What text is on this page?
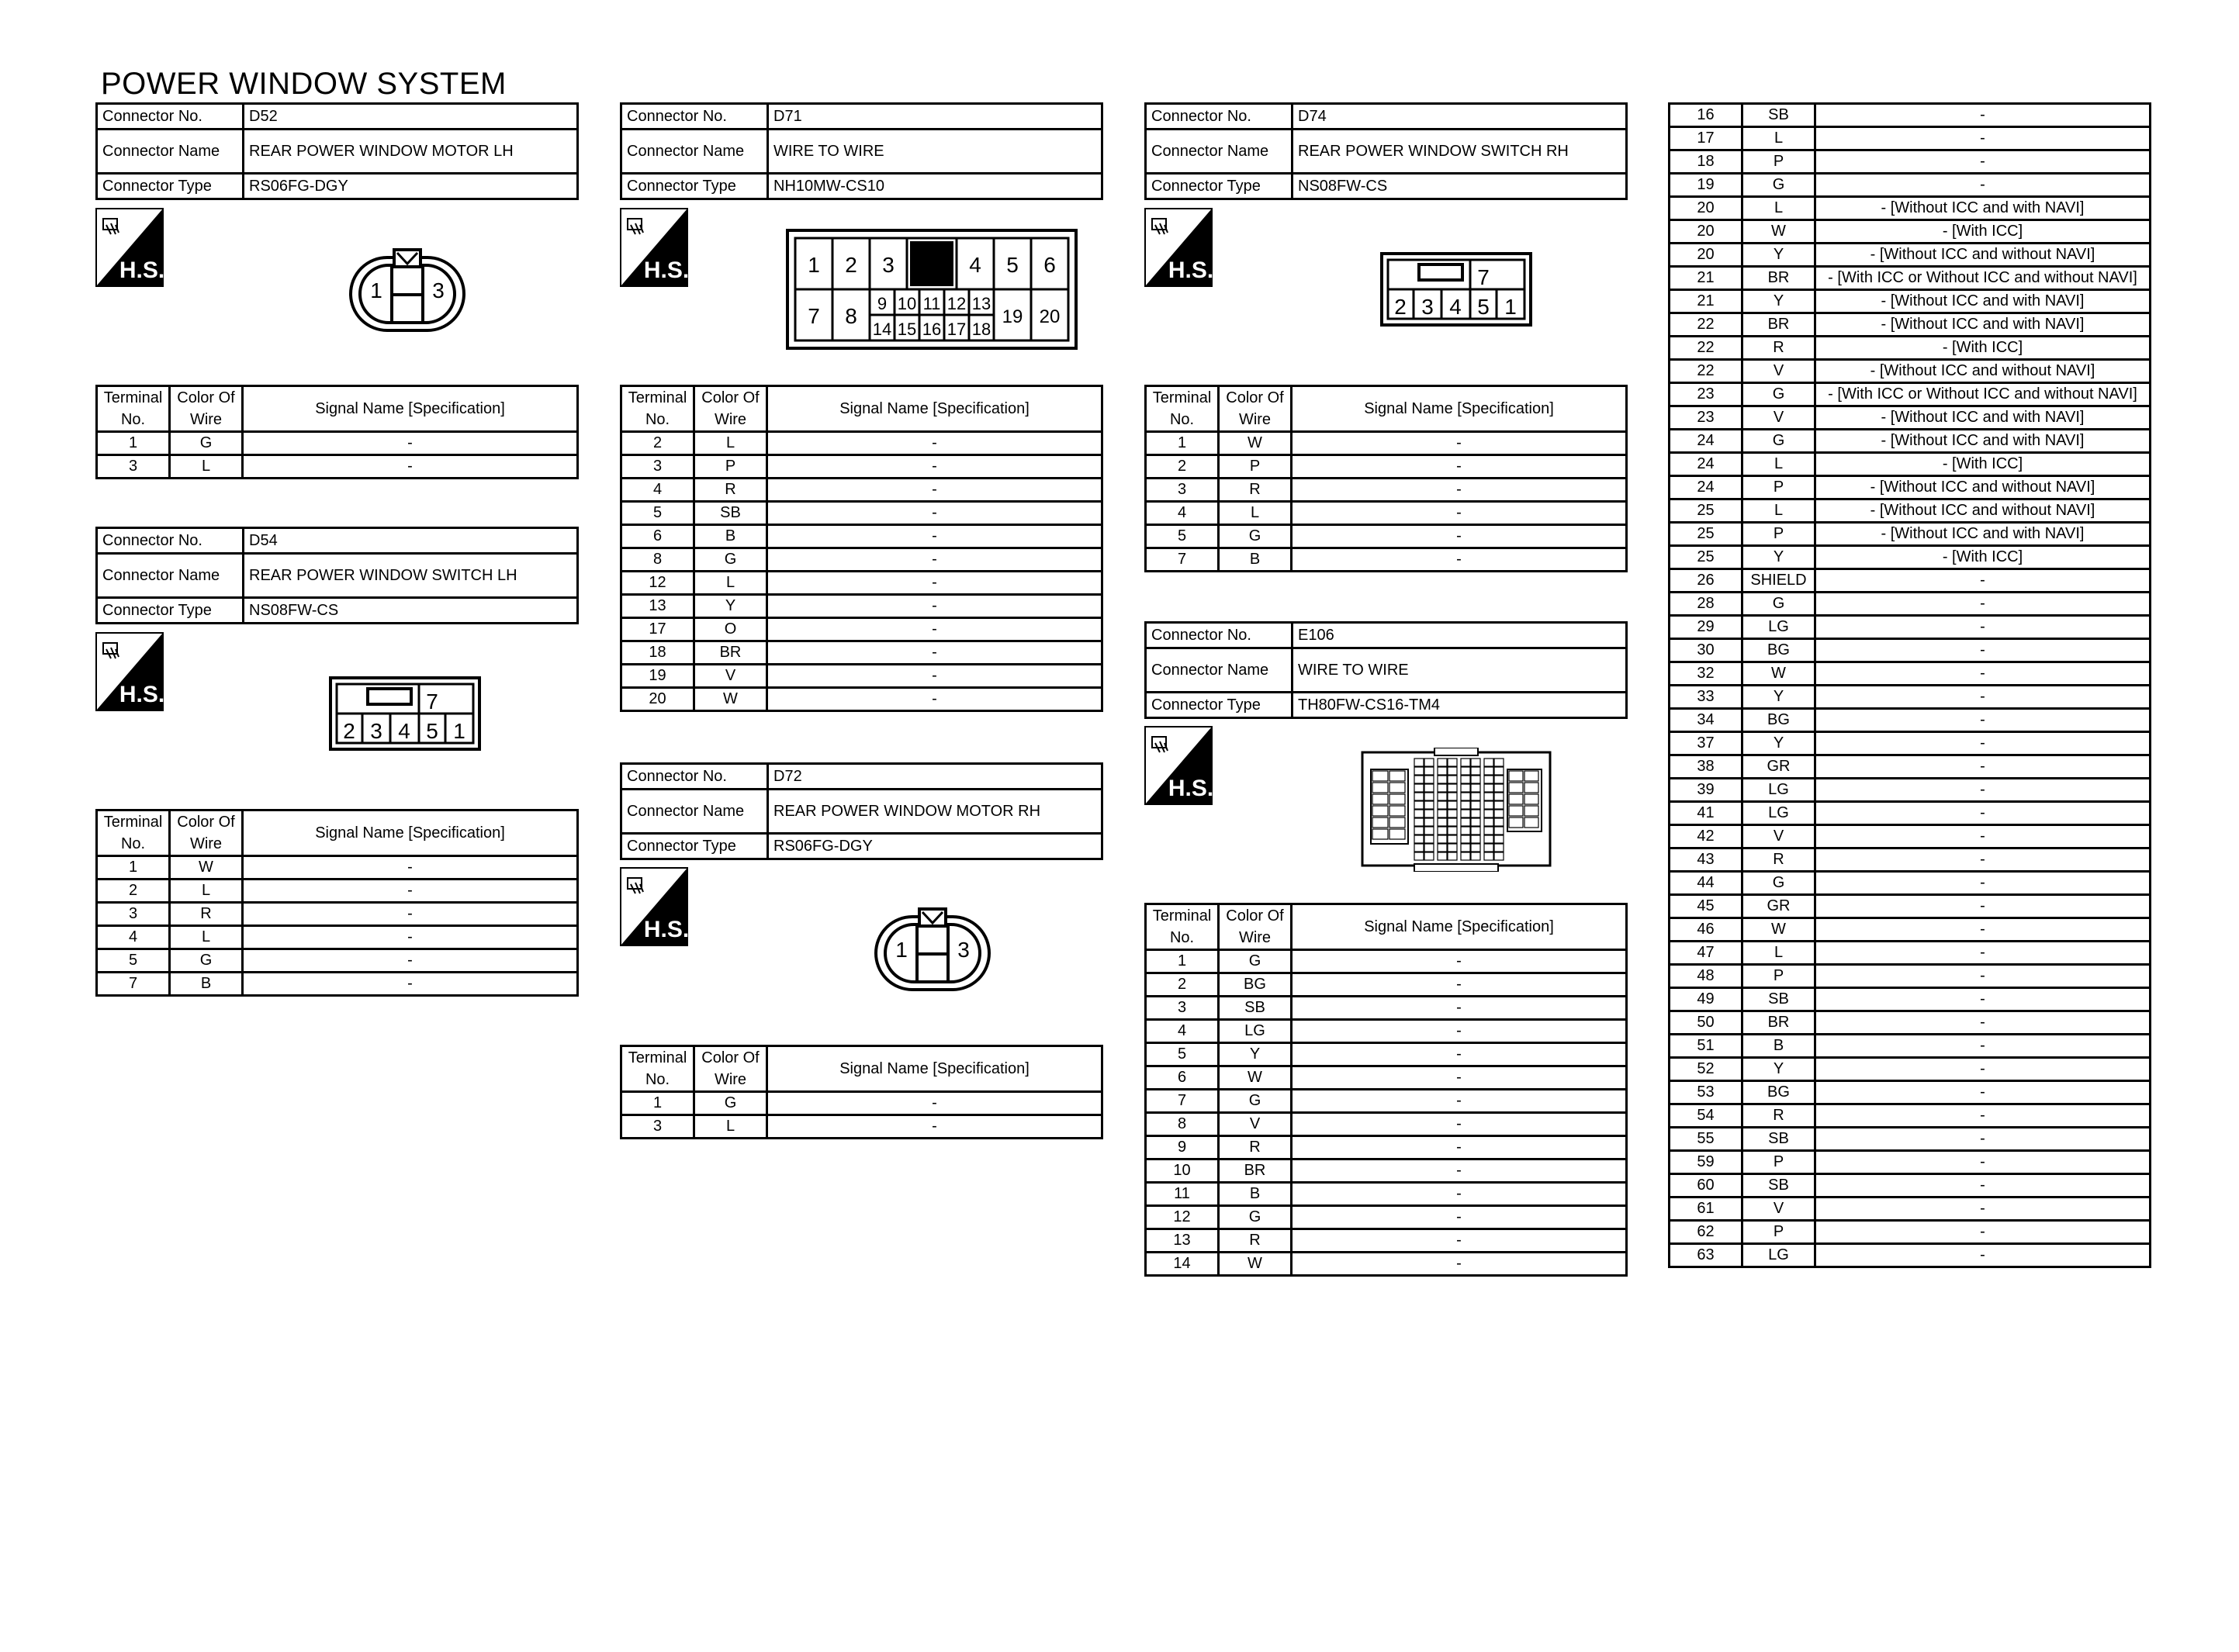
POWER WINDOW SYSTEM
Connector No.	D52
Connector Name	REAR POWER WINDOW MOTOR LH
Connector Type	RS06FG-DGY
H.S.
1 3
Terminal No.	Color Of Wire	Signal Name [Specification]
1	G	-
3	L	-
Connector No.	D54
Connector Name	REAR POWER WINDOW SWITCH LH
Connector Type	NS08FW-CS
H.S.	7
2 3 4 5 1
Terminal No.	Color Of Wire	Signal Name [Specification]
1	W	-
2	L	-
3	R	-
4	L	-
5	G	-
7	B	-
Connector No.	D71
Connector Name	WIRE TO WIRE
Connector Type	NH10MW-CS10
H.S.	1 2 3	4 5 6
7 8
9 10 11 12 13
14 15 16 17 18
19 20
Terminal No.	Color Of Wire	Signal Name [Specification]
2	L	-
3	P	-
4	R	-
5	SB	-
6	B	-
8	G	-
12	L	-
13	Y	-
17	O	-
18	BR	-
19	V	-
20	W	-
Connector No.	D72
Connector Name	REAR POWER WINDOW MOTOR RH
Connector Type	RS06FG-DGY
H.S.
1 3
Terminal No.	Color Of Wire	Signal Name [Specification]
1	G	-
3	L	-
Connector No.	D74
Connector Name	REAR POWER WINDOW SWITCH RH
Connector Type	NS08FW-CS
H.S.	7
2 3 4 5 1
Terminal No.	Color Of Wire	Signal Name [Specification]
1	W	-
2	P	-
3	R	-
4	L	-
5	G	-
7	B	-
Connector No.	E106
Connector Name	WIRE TO WIRE
Connector Type	TH80FW-CS16-TM4
H.S.
Terminal No.	Color Of Wire	Signal Name [Specification]
1	G	-
2	BG	-
3	SB	-
4	LG	-
5	Y	-
6	W	-
7	G	-
8	V	-
9	R	-
10	BR	-
11	B	-
12	G	-
13	R	-
14	W	-
16	SB	-
17	L	-
18	P	-
19	G	-
20	L	- [Without ICC and with NAVI]
20	W	- [With ICC]
20	Y	- [Without ICC and without NAVI]
21	BR	- [With ICC or Without ICC and without NAVI]
21	Y	- [Without ICC and with NAVI]
22	BR	- [Without ICC and with NAVI]
22	R	- [With ICC]
22	V	- [Without ICC and without NAVI]
23	G	- [With ICC or Without ICC and without NAVI]
23	V	- [Without ICC and with NAVI]
24	G	- [Without ICC and with NAVI]
24	L	- [With ICC]
24	P	- [Without ICC and without NAVI]
25	L	- [Without ICC and without NAVI]
25	P	- [Without ICC and with NAVI]
25	Y	- [With ICC]
26	SHIELD	-
28	G	-
29	LG	-
30	BG	-
32	W	-
33	Y	-
34	BG	-
37	Y	-
38	GR	-
39	LG	-
41	LG	-
42	V	-
43	R	-
44	G	-
45	GR	-
46	W	-
47	L	-
48	P	-
49	SB	-
50	BR	-
51	B	-
52	Y	-
53	BG	-
54	R	-
55	SB	-
59	P	-
60	SB	-
61	V	-
62	P	-
63	LG	-
